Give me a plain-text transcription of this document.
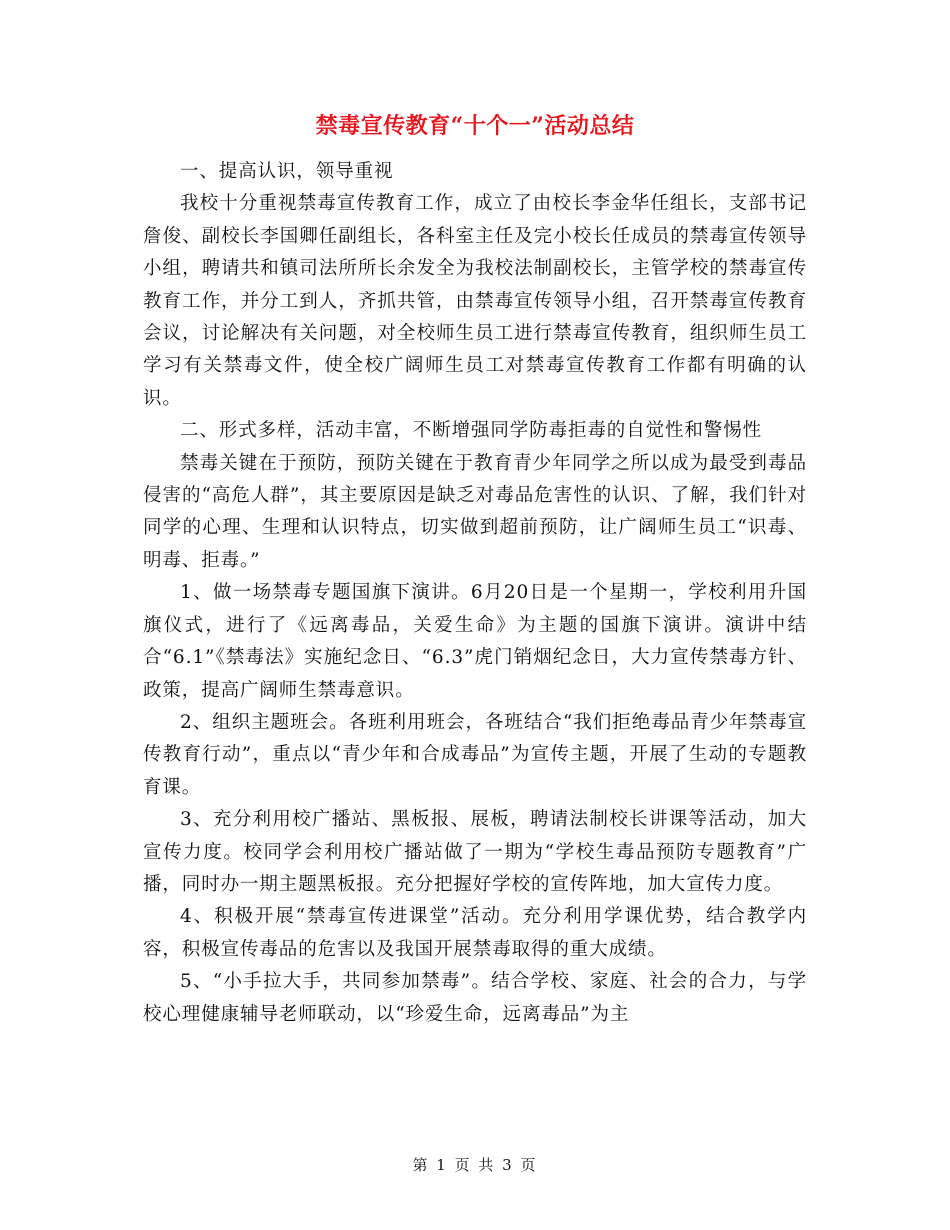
禁毒宣传教育“十个一”活动总结

一、提高认识，领导重视

我校十分重视禁毒宣传教育工作，成立了由校长李金华任组长，支部书记詹俊、副校长李国卿任副组长，各科室主任及完小校长任成员的禁毒宣传领导小组，聘请共和镇司法所所长余发全为我校法制副校长，主管学校的禁毒宣传教育工作，并分工到人，齐抓共管，由禁毒宣传领导小组，召开禁毒宣传教育会议，讨论解决有关问题，对全校师生员工进行禁毒宣传教育，组织师生员工学习有关禁毒文件，使全校广阔师生员工对禁毒宣传教育工作都有明确的认识。

二、形式多样，活动丰富，不断增强同学防毒拒毒的自觉性和警惕性

禁毒关键在于预防，预防关键在于教育青少年同学之所以成为最受到毒品侵害的“高危人群”，其主要原因是缺乏对毒品危害性的认识、了解，我们针对同学的心理、生理和认识特点，切实做到超前预防，让广阔师生员工“识毒、明毒、拒毒。”

1、做一场禁毒专题国旗下演讲。6月20日是一个星期一，学校利用升国旗仪式，进行了《远离毒品，关爱生命》为主题的国旗下演讲。演讲中结合“6.1”《禁毒法》实施纪念日、“6.3”虎门销烟纪念日，大力宣传禁毒方针、政策，提高广阔师生禁毒意识。

2、组织主题班会。各班利用班会，各班结合“我们拒绝毒品青少年禁毒宣传教育行动”，重点以“青少年和合成毒品”为宣传主题，开展了生动的专题教育课。

3、充分利用校广播站、黑板报、展板，聘请法制校长讲课等活动，加大宣传力度。校同学会利用校广播站做了一期为“学校生毒品预防专题教育”广播，同时办一期主题黑板报。充分把握好学校的宣传阵地，加大宣传力度。

4、积极开展“禁毒宣传进课堂”活动。充分利用学课优势，结合教学内容，积极宣传毒品的危害以及我国开展禁毒取得的重大成绩。

5、“小手拉大手，共同参加禁毒”。结合学校、家庭、社会的合力，与学校心理健康辅导老师联动，以“珍爱生命，远离毒品”为主

第 1 页 共 3 页
